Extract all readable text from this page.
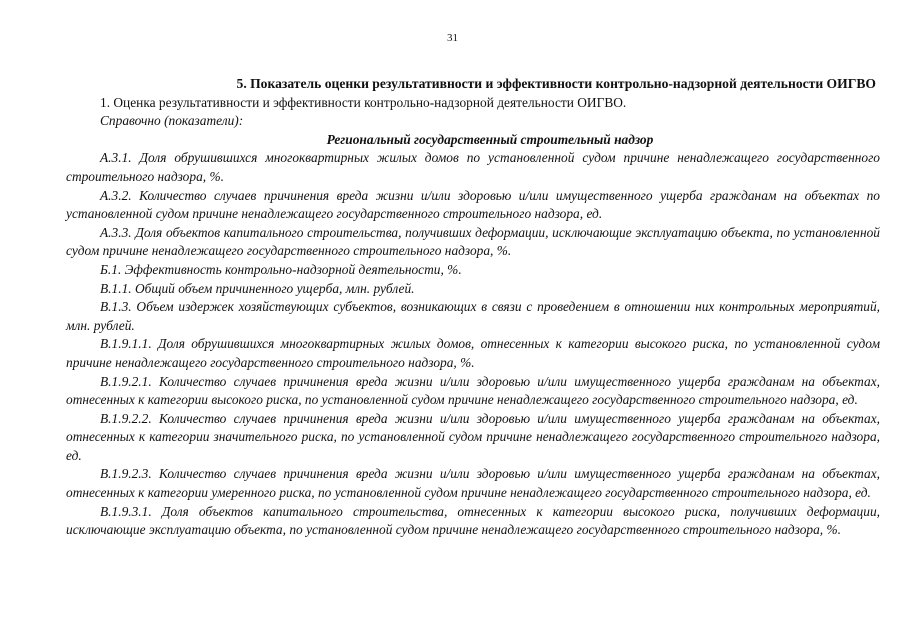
31

5. Показатель оценки результативности и эффективности контрольно-надзорной деятельности ОИГВО

1. Оценка результативности и эффективности контрольно-надзорной деятельности ОИГВО.

Справочно (показатели):

Региональный государственный строительный надзор

А.3.1. Доля обрушившихся многоквартирных жилых домов по установленной судом причине ненадлежащего государственного строительного надзора, %.

А.3.2. Количество случаев причинения вреда жизни и/или здоровью и/или имущественного ущерба гражданам на объектах по установленной судом причине ненадлежащего государственного строительного надзора, ед.

А.3.3. Доля объектов капитального строительства, получивших деформации, исключающие эксплуатацию объекта, по установленной судом причине ненадлежащего государственного строительного надзора, %.

Б.1. Эффективность контрольно-надзорной деятельности, %.

В.1.1. Общий объем причиненного ущерба, млн. рублей.

В.1.3. Объем издержек хозяйствующих субъектов, возникающих в связи с проведением в отношении них контрольных мероприятий, млн. рублей.

В.1.9.1.1. Доля обрушившихся многоквартирных жилых домов, отнесенных к категории высокого риска, по установленной судом причине ненадлежащего государственного строительного надзора, %.

В.1.9.2.1. Количество случаев причинения вреда жизни и/или здоровью и/или имущественного ущерба гражданам на объектах, отнесенных к категории высокого риска, по установленной судом причине ненадлежащего государственного строительного надзора, ед.

В.1.9.2.2. Количество случаев причинения вреда жизни и/или здоровью и/или имущественного ущерба гражданам на объектах, отнесенных к категории значительного риска, по установленной судом причине ненадлежащего государственного строительного надзора, ед.

В.1.9.2.3. Количество случаев причинения вреда жизни и/или здоровью и/или имущественного ущерба гражданам на объектах, отнесенных к категории умеренного риска, по установленной судом причине ненадлежащего государственного строительного надзора, ед.

В.1.9.3.1. Доля объектов капитального строительства, отнесенных к категории высокого риска, получивших деформации, исключающие эксплуатацию объекта, по установленной судом причине ненадлежащего государственного строительного надзора, %.
